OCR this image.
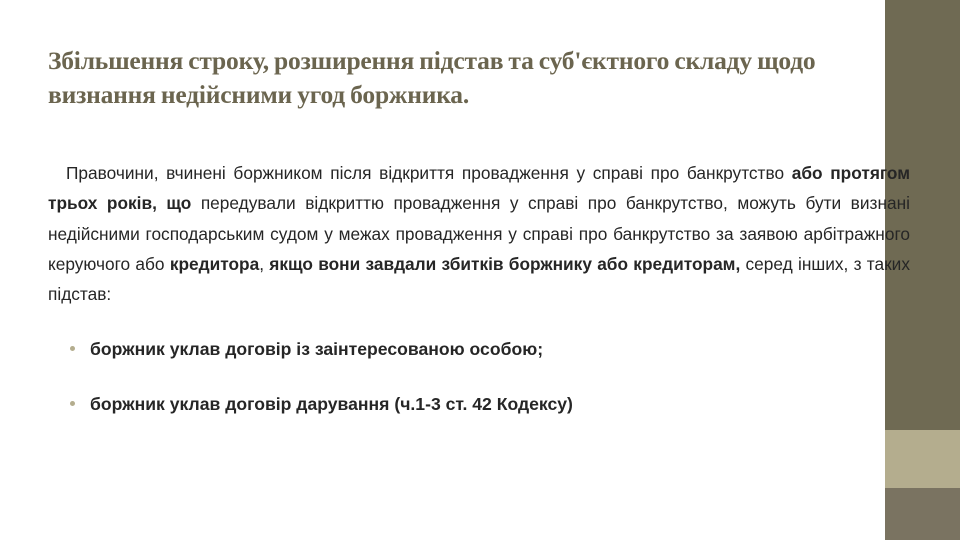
Збільшення строку, розширення підстав та суб'єктного складу щодо визнання недійсними угод боржника.

Правочини, вчинені боржником після відкриття провадження у справі про банкрутство або протягом трьох років, що передували відкриттю провадження у справі про банкрутство, можуть бути визнані недійсними господарським судом у межах провадження у справі про банкрутство за заявою арбітражного керуючого або кредитора, якщо вони завдали збитків боржнику або кредиторам, серед інших, з таких підстав:

боржник уклав договір із заінтересованою особою;
боржник уклав договір дарування (ч.1-3 ст. 42 Кодексу)
